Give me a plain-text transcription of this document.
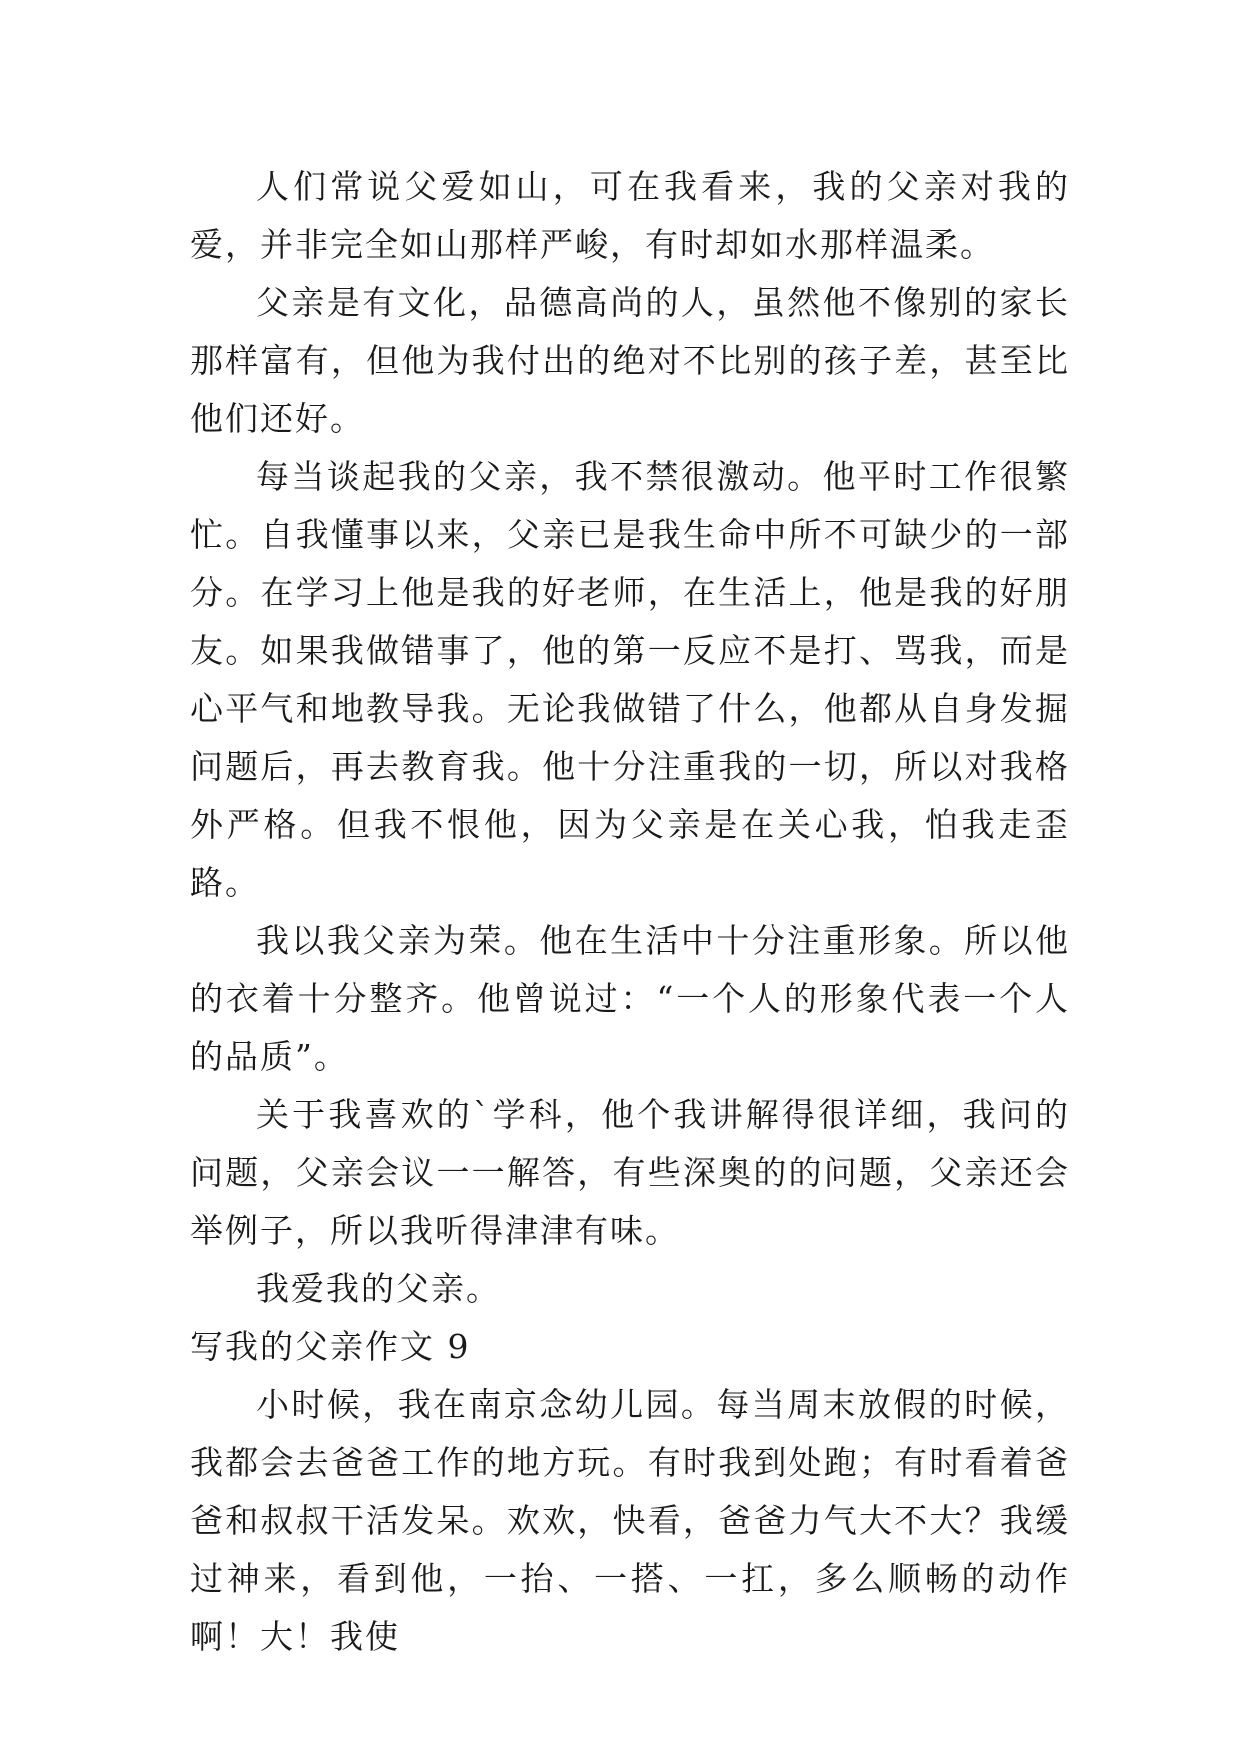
人们常说父爱如山，可在我看来，我的父亲对我的爱，并非完全如山那样严峻，有时却如水那样温柔。

父亲是有文化，品德高尚的人，虽然他不像别的家长那样富有，但他为我付出的绝对不比别的孩子差，甚至比他们还好。

每当谈起我的父亲，我不禁很激动。他平时工作很繁忙。自我懂事以来，父亲已是我生命中所不可缺少的一部分。在学习上他是我的好老师，在生活上，他是我的好朋友。如果我做错事了，他的第一反应不是打、骂我，而是心平气和地教导我。无论我做错了什么，他都从自身发掘问题后，再去教育我。他十分注重我的一切，所以对我格外严格。但我不恨他，因为父亲是在关心我，怕我走歪路。

我以我父亲为荣。他在生活中十分注重形象。所以他的衣着十分整齐。他曾说过：“一个人的形象代表一个人的品质”。

关于我喜欢的`学科，他个我讲解得很详细，我问的问题，父亲会议一一解答，有些深奥的的问题，父亲还会举例子，所以我听得津津有味。

我爱我的父亲。

写我的父亲作文 9

小时候，我在南京念幼儿园。每当周末放假的时候，我都会去爸爸工作的地方玩。有时我到处跑；有时看着爸爸和叔叔干活发呆。欢欢，快看，爸爸力气大不大？我缓过神来，看到他，一抬、一搭、一扛，多么顺畅的动作啊！大！我使
